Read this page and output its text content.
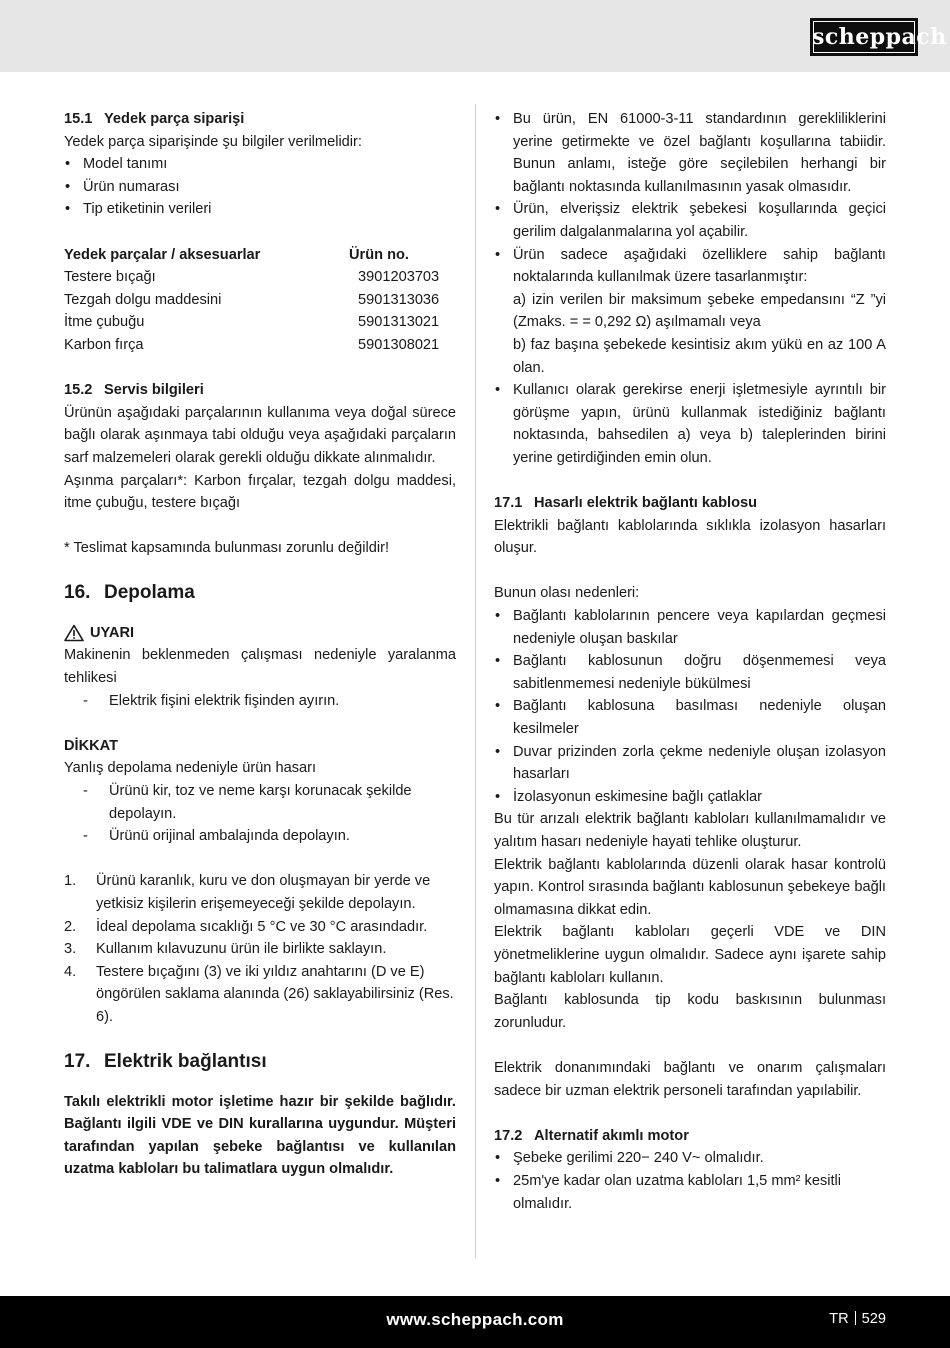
scheppach

15.1 Yedek parça siparişi

Yedek parça siparişinde şu bilgiler verilmelidir:

• Model tanımı
• Ürün numarası
• Tip etiketinin verileri
Yedek parçalar / aksesuarlar	Ürün no.
Testere bıçağı	3901203703
Tezgah dolgu maddesini	5901313036
İtme çubuğu	5901313021
Karbon fırça	5901308021

15.2 Servis bilgileri

Ürünün aşağıdaki parçalarının kullanıma veya doğal sürece bağlı olarak aşınmaya tabi olduğu veya aşağıdaki parçaların sarf malzemeleri olarak gerekli olduğu dikkate alınmalıdır.

Aşınma parçaları*: Karbon fırçalar, tezgah dolgu maddesi, itme çubuğu, testere bıçağı

* Teslimat kapsamında bulunması zorunlu değildir!

16. Depolama

UYARI

Makinenin beklenmeden çalışması nedeniyle yaralanma tehlikesi

- Elektrik fişini elektrik fişinden ayırın.

DİKKAT

Yanlış depolama nedeniyle ürün hasarı

- Ürünü kir, toz ve neme karşı korunacak şekilde depolayın.
- Ürünü orijinal ambalajında depolayın.
1. Ürünü karanlık, kuru ve don oluşmayan bir yerde ve yetkisiz kişilerin erişemeyeceği şekilde depolayın.
2. İdeal depolama sıcaklığı 5 °C ve 30 °C arasındadır.
3. Kullanım kılavuzunu ürün ile birlikte saklayın.
4. Testere bıçağını (3) ve iki yıldız anahtarını (D ve E) öngörülen saklama alanında (26) saklayabilirsiniz (Res. 6).

17. Elektrik bağlantısı

Takılı elektrikli motor işletime hazır bir şekilde bağlıdır. Bağlantı ilgili VDE ve DIN kurallarına uygundur. Müşteri tarafından yapılan şebeke bağlantısı ve kullanılan uzatma kabloları bu talimatlara uygun olmalıdır.

• Bu ürün, EN 61000-3-11 standardının gerekliliklerini yerine getirmekte ve özel bağlantı koşullarına tabiidir. Bunun anlamı, isteğe göre seçilebilen herhangi bir bağlantı noktasında kullanılmasının yasak olmasıdır.
• Ürün, elverişsiz elektrik şebekesi koşullarında geçici gerilim dalgalanmalarına yol açabilir.
• Ürün sadece aşağıdaki özelliklere sahip bağlantı noktalarında kullanılmak üzere tasarlanmıştır:
a) izin verilen bir maksimum şebeke empedansını “Z ”yi (Zmaks. = = 0,292 Ω) aşılmamalı veya
b) faz başına şebekede kesintisiz akım yükü en az 100 A olan.
• Kullanıcı olarak gerekirse enerji işletmesiyle ayrıntılı bir görüşme yapın, ürünü kullanmak istediğiniz bağlantı noktasında, bahsedilen a) veya b) taleplerinden birini yerine getirdiğinden emin olun.

17.1 Hasarlı elektrik bağlantı kablosu

Elektrikli bağlantı kablolarında sıklıkla izolasyon hasarları oluşur.

Bunun olası nedenleri:

• Bağlantı kablolarının pencere veya kapılardan geçmesi nedeniyle oluşan baskılar
• Bağlantı kablosunun doğru döşenmemesi veya sabitlenmemesi nedeniyle bükülmesi
• Bağlantı kablosuna basılması nedeniyle oluşan kesilmeler
• Duvar prizinden zorla çekme nedeniyle oluşan izolasyon hasarları
• İzolasyonun eskimesine bağlı çatlaklar

Bu tür arızalı elektrik bağlantı kabloları kullanılmamalıdır ve yalıtım hasarı nedeniyle hayati tehlike oluşturur.

Elektrik bağlantı kablolarında düzenli olarak hasar kontrolü yapın. Kontrol sırasında bağlantı kablosunun şebekeye bağlı olmamasına dikkat edin.

Elektrik bağlantı kabloları geçerli VDE ve DIN yönetmeliklerine uygun olmalıdır. Sadece aynı işarete sahip bağlantı kabloları kullanın.

Bağlantı kablosunda tip kodu baskısının bulunması zorunludur.

Elektrik donanımındaki bağlantı ve onarım çalışmaları sadece bir uzman elektrik personeli tarafından yapılabilir.

17.2 Alternatif akımlı motor

• Şebeke gerilimi 220− 240 V~ olmalıdır.
• 25m'ye kadar olan uzatma kabloları 1,5 mm² kesitli olmalıdır.
www.scheppach.com	TR 529
